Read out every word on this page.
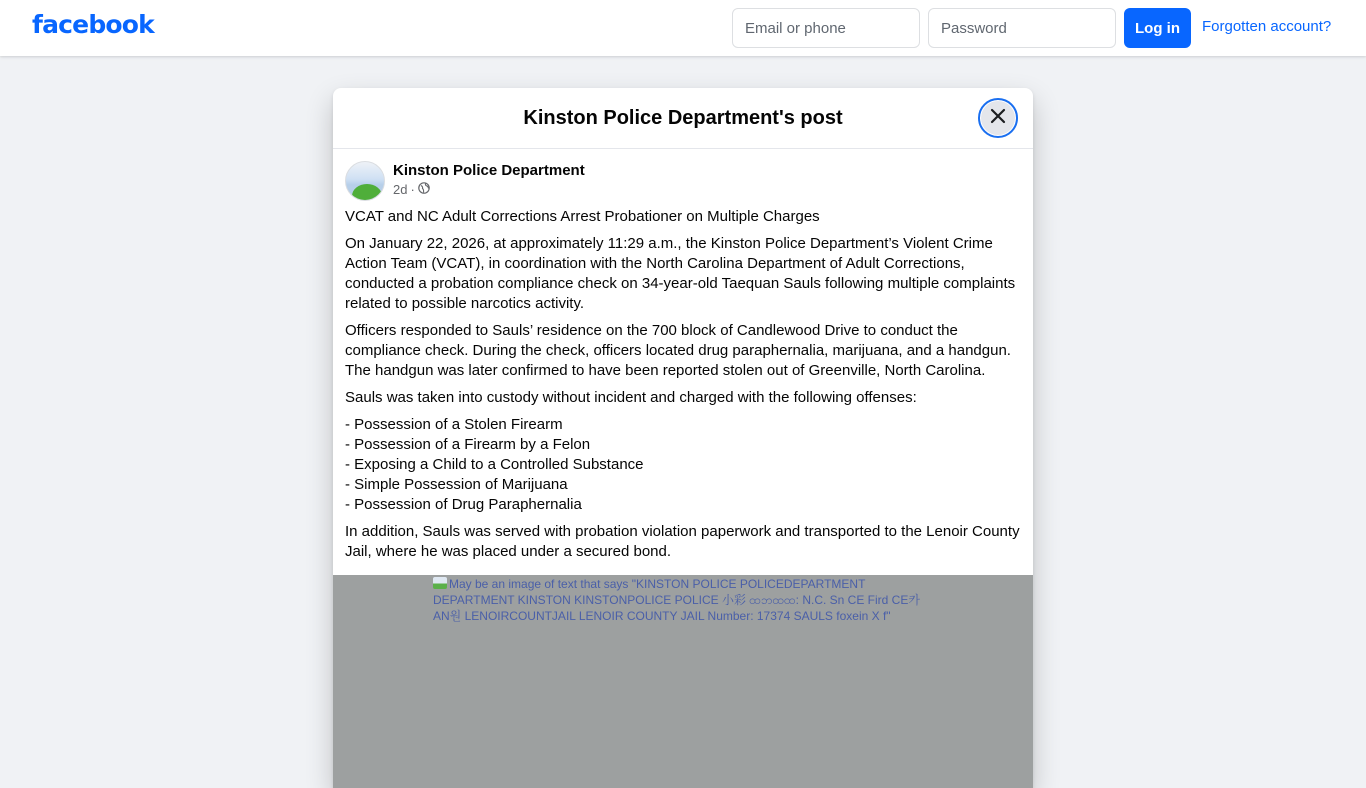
facebook
Email or phone	Log in	Forgotten account?
Kinston Police Department's post
Kinston Police Department
2d ·

VCAT and NC Adult Corrections Arrest Probationer on Multiple Charges

On January 22, 2026, at approximately 11:29 a.m., the Kinston Police Department’s Violent Crime Action Team (VCAT), in coordination with the North Carolina Department of Adult Corrections, conducted a probation compliance check on 34-year-old Taequan Sauls following multiple complaints related to possible narcotics activity.

Officers responded to Sauls’ residence on the 700 block of Candlewood Drive to conduct the compliance check. During the check, officers located drug paraphernalia, marijuana, and a handgun. The handgun was later confirmed to have been reported stolen out of Greenville, North Carolina.

Sauls was taken into custody without incident and charged with the following offenses:

- Possession of a Stolen Firearm
- Possession of a Firearm by a Felon
- Exposing a Child to a Controlled Substance
- Simple Possession of Marijuana
- Possession of Drug Paraphernalia

In addition, Sauls was served with probation violation paperwork and transported to the Lenoir County Jail, where he was placed under a secured bond.

May be an image of text that says "KINSTON POLICE POLICEDEPARTMENT DEPARTMENT KINSTON KINSTONPOLICE POLICE 小彩 ထဘထထ: N.C. Sn CE Fird CE카AN원 LENOIRCOUNTJAIL LENOIR COUNTY JAIL Number: 17374 SAULS foxein X f"
